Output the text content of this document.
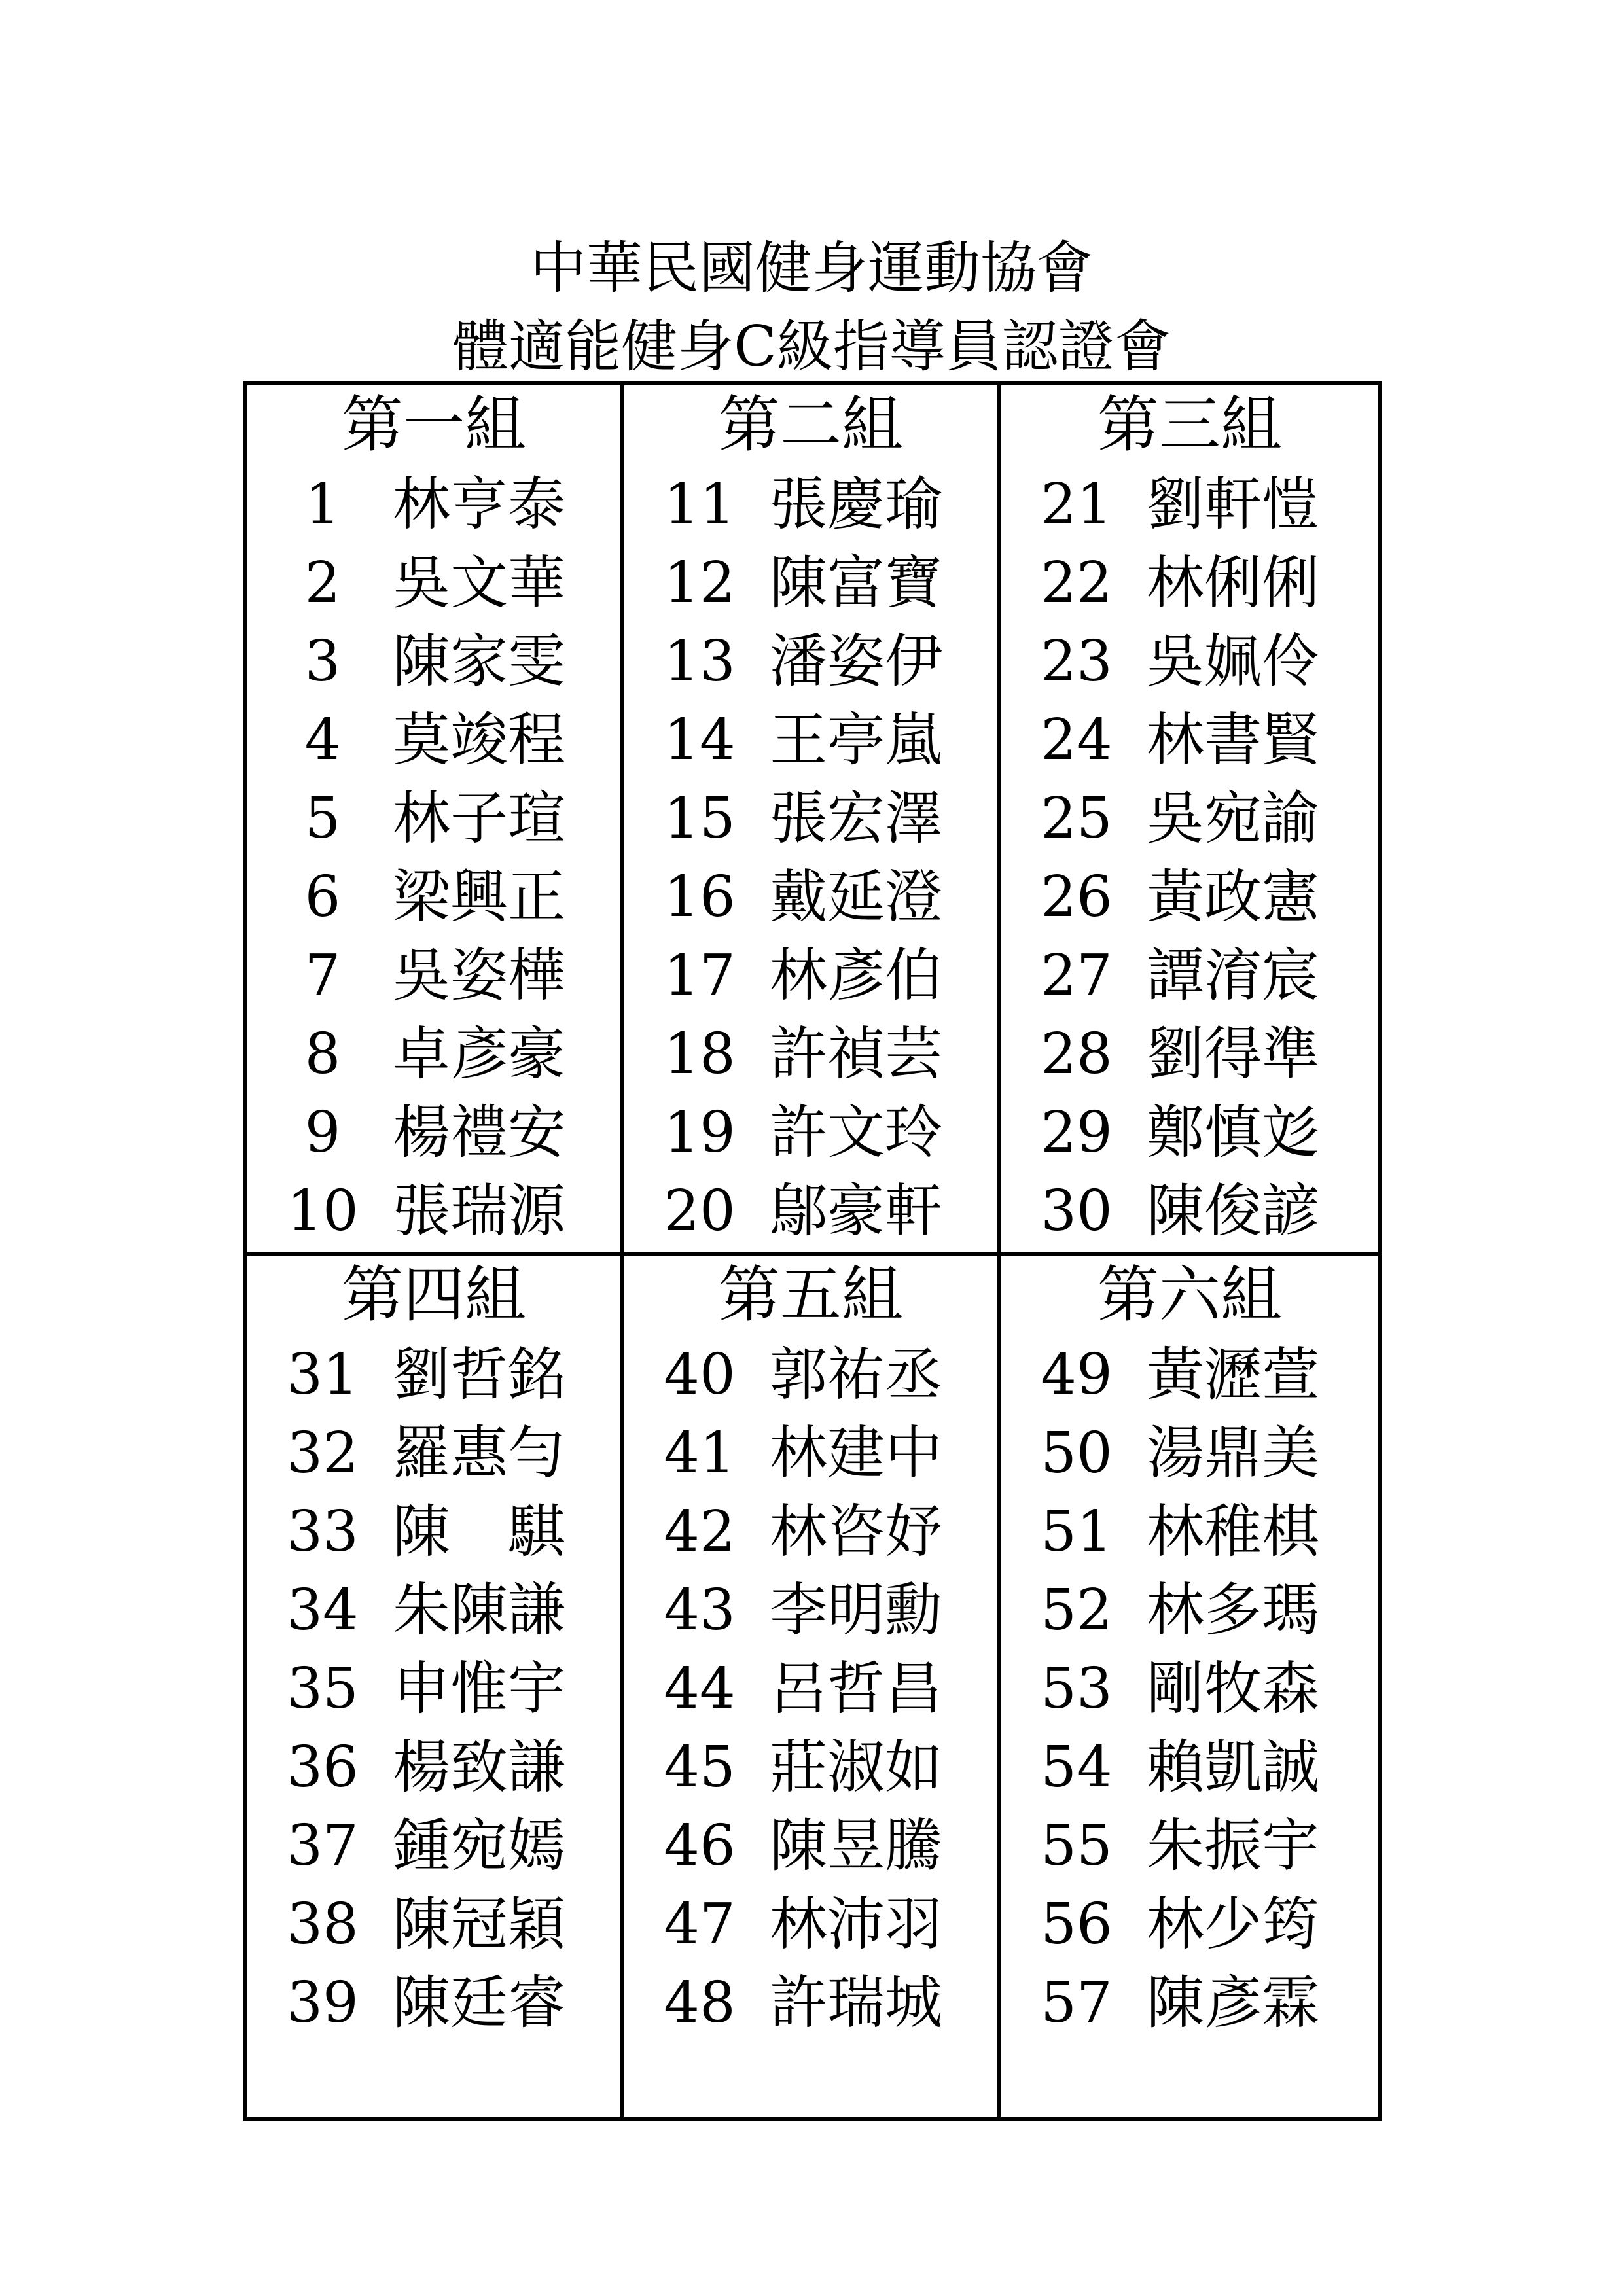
中華民國健身運動協會
體適能健身C級指導員認證會
第一組
1 林亨泰
2 吳文華
3 陳家雯
4 莫竣程
5 林子瑄
6 梁興正
7 吳姿樺
8 卓彥豪
9 楊禮安
10 張瑞源
第二組
11 張慶瑜
12 陳富寶
13 潘姿伊
14 王亭嵐
15 張宏澤
16 戴延澄
17 林彥伯
18 許禎芸
19 許文玲
20 鄔豪軒
第三組
21 劉軒愷
22 林俐俐
23 吳姵伶
24 林書賢
25 吳宛諭
26 黃政憲
27 譚淯宸
28 劉得準
29 鄭慎彣
30 陳俊諺
第四組
31 劉哲銘
32 羅惠勻
33 陳　騏
34 朱陳謙
35 申惟宇
36 楊致謙
37 鍾宛嫣
38 陳冠穎
39 陳廷睿
第五組
40 郭祐丞
41 林建中
42 林咨妤
43 李明勳
44 呂哲昌
45 莊淑如
46 陳昱騰
47 林沛羽
48 許瑞城
第六組
49 黃瀝萱
50 湯鼎美
51 林稚棋
52 林多瑪
53 剛牧森
54 賴凱誠
55 朱振宇
56 林少筠
57 陳彥霖
